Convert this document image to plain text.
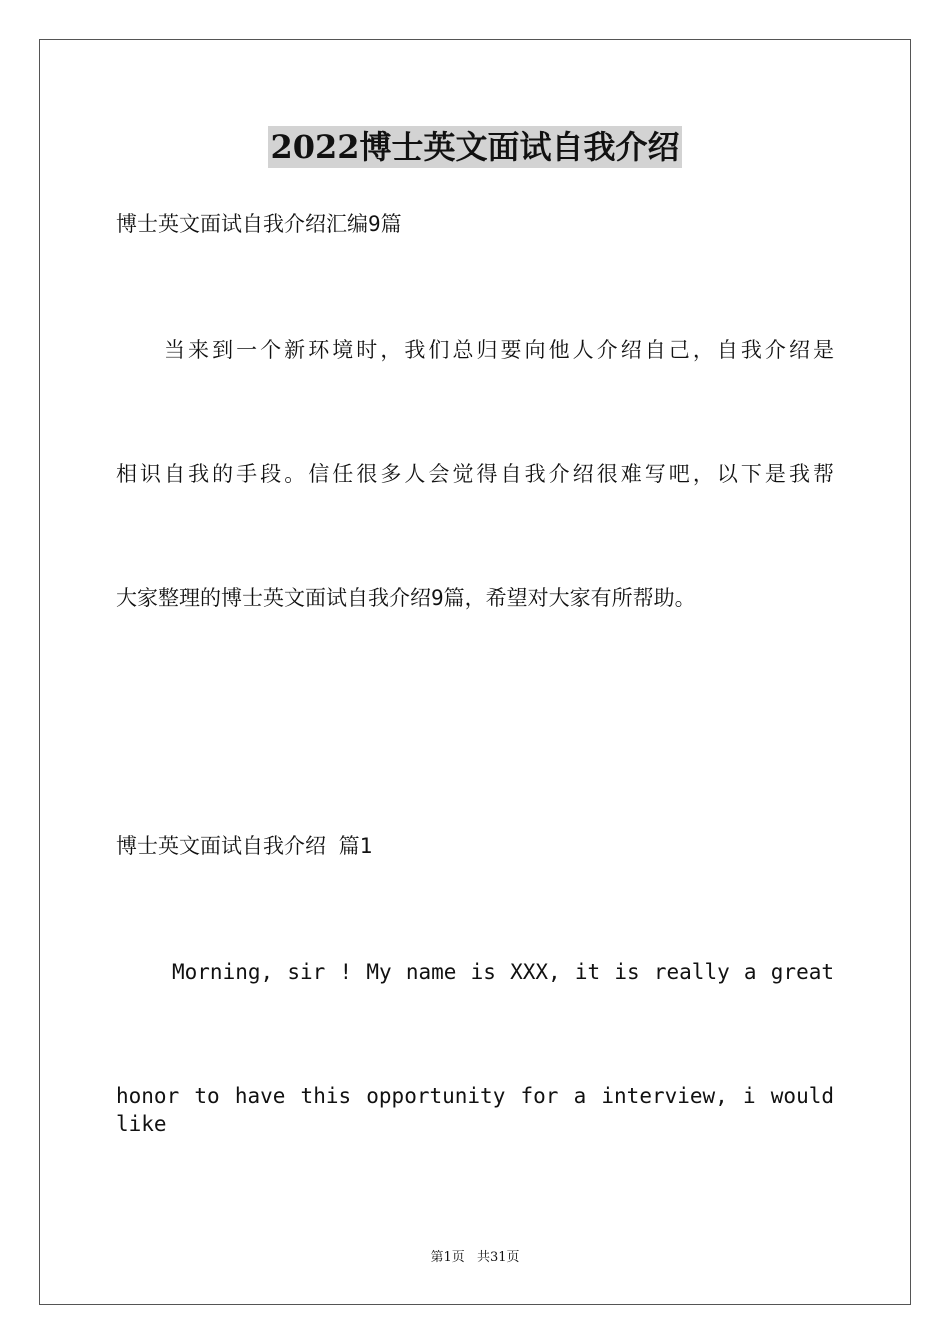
2022博士英文面试自我介绍
博士英文面试自我介绍汇编9篇
当来到一个新环境时，我们总归要向他人介绍自己，自我介绍是
相识自我的手段。信任很多人会觉得自我介绍很难写吧，以下是我帮
大家整理的博士英文面试自我介绍9篇，希望对大家有所帮助。
博士英文面试自我介绍 篇1
Morning, sir ! My name is XXX, it is really a great
honor to have this opportunity for a interview, i would like
第1页 共31页
